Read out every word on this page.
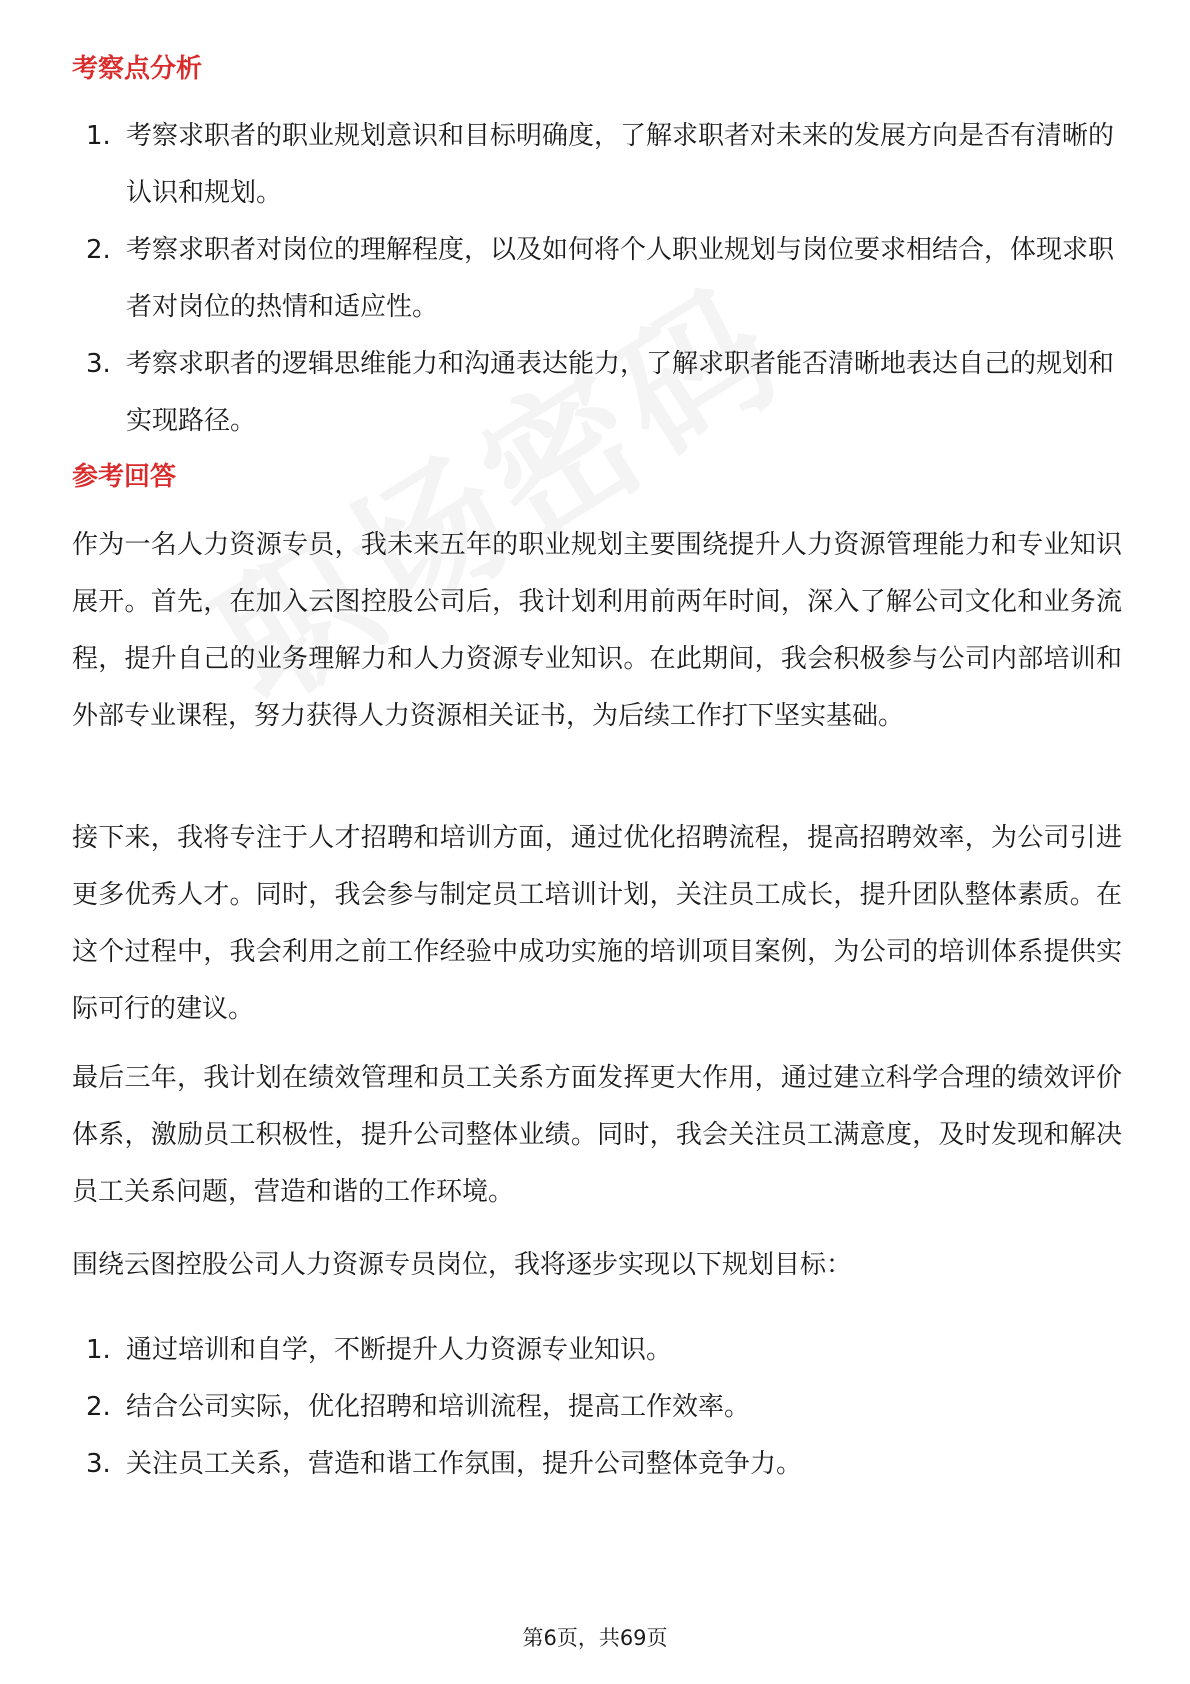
考察点分析
1. 考察求职者的职业规划意识和目标明确度，了解求职者对未来的发展方向是否有清晰的认识和规划。
2. 考察求职者对岗位的理解程度，以及如何将个人职业规划与岗位要求相结合，体现求职者对岗位的热情和适应性。
3. 考察求职者的逻辑思维能力和沟通表达能力，了解求职者能否清晰地表达自己的规划和实现路径。
参考回答

作为一名人力资源专员，我未来五年的职业规划主要围绕提升人力资源管理能力和专业知识展开。首先，在加入云图控股公司后，我计划利用前两年时间，深入了解公司文化和业务流程，提升自己的业务理解力和人力资源专业知识。在此期间，我会积极参与公司内部培训和外部专业课程，努力获得人力资源相关证书，为后续工作打下坚实基础。

接下来，我将专注于人才招聘和培训方面，通过优化招聘流程，提高招聘效率，为公司引进更多优秀人才。同时，我会参与制定员工培训计划，关注员工成长，提升团队整体素质。在这个过程中，我会利用之前工作经验中成功实施的培训项目案例，为公司的培训体系提供实际可行的建议。

最后三年，我计划在绩效管理和员工关系方面发挥更大作用，通过建立科学合理的绩效评价体系，激励员工积极性，提升公司整体业绩。同时，我会关注员工满意度，及时发现和解决员工关系问题，营造和谐的工作环境。

围绕云图控股公司人力资源专员岗位，我将逐步实现以下规划目标：

1. 通过培训和自学，不断提升人力资源专业知识。
2. 结合公司实际，优化招聘和培训流程，提高工作效率。
3. 关注员工关系，营造和谐工作氛围，提升公司整体竞争力。
第6页，共69页
